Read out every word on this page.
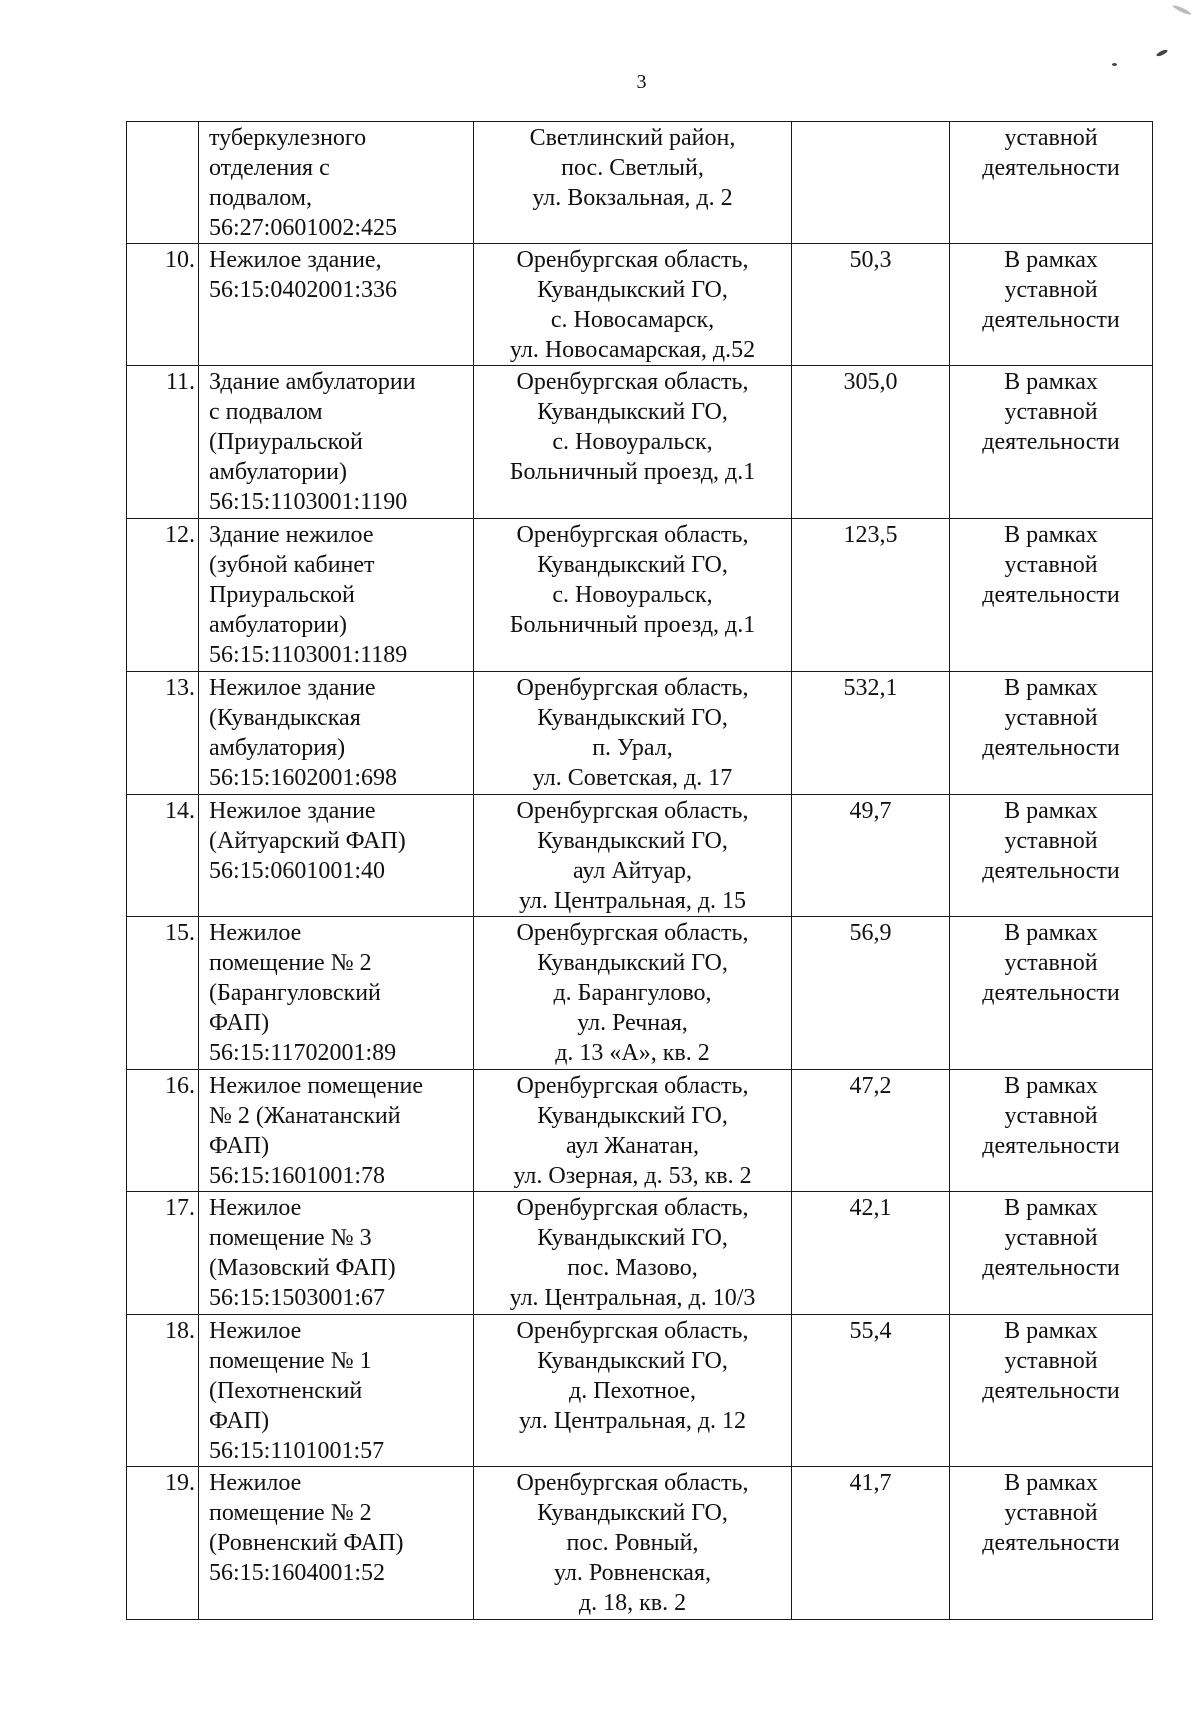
3
	туберкулезного
отделения с
подвалом,
56:27:0601002:425	Светлинский район,
пос. Светлый,
ул. Вокзальная, д. 2		уставной
деятельности
10.	Нежилое здание,
56:15:0402001:336	Оренбургская область,
Кувандыкский ГО,
с. Новосамарск,
ул. Новосамарская, д.52	50,3	В рамках
уставной
деятельности
11.	Здание амбулатории
с подвалом
(Приуральской
амбулатории)
56:15:1103001:1190	Оренбургская область,
Кувандыкский ГО,
с. Новоуральск,
Больничный проезд, д.1	305,0	В рамках
уставной
деятельности
12.	Здание нежилое
(зубной кабинет
Приуральской
амбулатории)
56:15:1103001:1189	Оренбургская область,
Кувандыкский ГО,
с. Новоуральск,
Больничный проезд, д.1	123,5	В рамках
уставной
деятельности
13.	Нежилое здание
(Кувандыкская
амбулатория)
56:15:1602001:698	Оренбургская область,
Кувандыкский ГО,
п. Урал,
ул. Советская, д. 17	532,1	В рамках
уставной
деятельности
14.	Нежилое здание
(Айтуарский ФАП)
56:15:0601001:40	Оренбургская область,
Кувандыкский ГО,
аул Айтуар,
ул. Центральная, д. 15	49,7	В рамках
уставной
деятельности
15.	Нежилое
помещение № 2
(Барангуловский
ФАП)
56:15:11702001:89	Оренбургская область,
Кувандыкский ГО,
д. Барангулово,
ул. Речная,
д. 13 «А», кв. 2	56,9	В рамках
уставной
деятельности
16.	Нежилое помещение
№ 2 (Жанатанский
ФАП)
56:15:1601001:78	Оренбургская область,
Кувандыкский ГО,
аул Жанатан,
ул. Озерная, д. 53, кв. 2	47,2	В рамках
уставной
деятельности
17.	Нежилое
помещение № 3
(Мазовский ФАП)
56:15:1503001:67	Оренбургская область,
Кувандыкский ГО,
пос. Мазово,
ул. Центральная, д. 10/3	42,1	В рамках
уставной
деятельности
18.	Нежилое
помещение № 1
(Пехотненский
ФАП)
56:15:1101001:57	Оренбургская область,
Кувандыкский ГО,
д. Пехотное,
ул. Центральная, д. 12	55,4	В рамках
уставной
деятельности
19.	Нежилое
помещение № 2
(Ровненский ФАП)
56:15:1604001:52	Оренбургская область,
Кувандыкский ГО,
пос. Ровный,
ул. Ровненская,
д. 18, кв. 2	41,7	В рамках
уставной
деятельности
